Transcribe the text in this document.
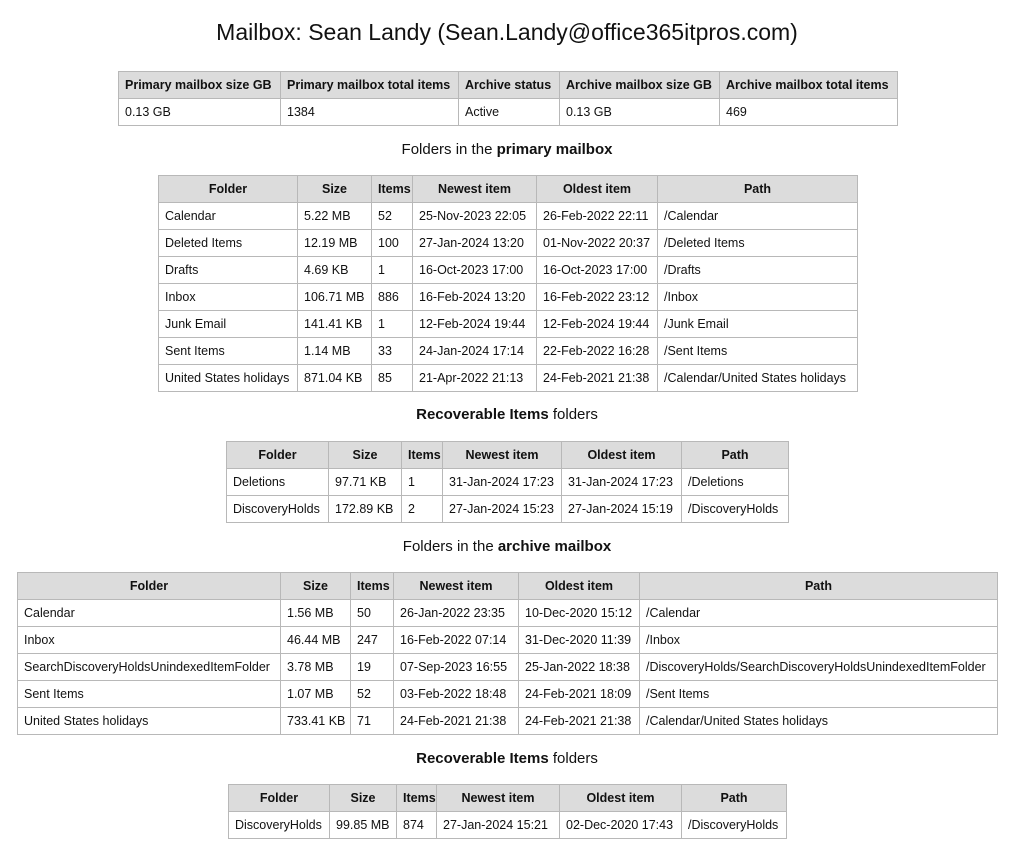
Mailbox: Sean Landy (Sean.Landy@office365itpros.com)
Primary mailbox size GB	Primary mailbox total items	Archive status	Archive mailbox size GB	Archive mailbox total items
0.13 GB	1384	Active	0.13 GB	469
Folders in the primary mailbox
Folder	Size	Items	Newest item	Oldest item	Path
Calendar	5.22 MB	52	25-Nov-2023 22:05	26-Feb-2022 22:11	/Calendar
Deleted Items	12.19 MB	100	27-Jan-2024 13:20	01-Nov-2022 20:37	/Deleted Items
Drafts	4.69 KB	1	16-Oct-2023 17:00	16-Oct-2023 17:00	/Drafts
Inbox	106.71 MB	886	16-Feb-2024 13:20	16-Feb-2022 23:12	/Inbox
Junk Email	141.41 KB	1	12-Feb-2024 19:44	12-Feb-2024 19:44	/Junk Email
Sent Items	1.14 MB	33	24-Jan-2024 17:14	22-Feb-2022 16:28	/Sent Items
United States holidays	871.04 KB	85	21-Apr-2022 21:13	24-Feb-2021 21:38	/Calendar/United States holidays
Recoverable Items folders
Folder	Size	Items	Newest item	Oldest item	Path
Deletions	97.71 KB	1	31-Jan-2024 17:23	31-Jan-2024 17:23	/Deletions
DiscoveryHolds	172.89 KB	2	27-Jan-2024 15:23	27-Jan-2024 15:19	/DiscoveryHolds
Folders in the archive mailbox
Folder	Size	Items	Newest item	Oldest item	Path
Calendar	1.56 MB	50	26-Jan-2022 23:35	10-Dec-2020 15:12	/Calendar
Inbox	46.44 MB	247	16-Feb-2022 07:14	31-Dec-2020 11:39	/Inbox
SearchDiscoveryHoldsUnindexedItemFolder	3.78 MB	19	07-Sep-2023 16:55	25-Jan-2022 18:38	/DiscoveryHolds/SearchDiscoveryHoldsUnindexedItemFolder
Sent Items	1.07 MB	52	03-Feb-2022 18:48	24-Feb-2021 18:09	/Sent Items
United States holidays	733.41 KB	71	24-Feb-2021 21:38	24-Feb-2021 21:38	/Calendar/United States holidays
Recoverable Items folders
Folder	Size	Items	Newest item	Oldest item	Path
DiscoveryHolds	99.85 MB	874	27-Jan-2024 15:21	02-Dec-2020 17:43	/DiscoveryHolds
